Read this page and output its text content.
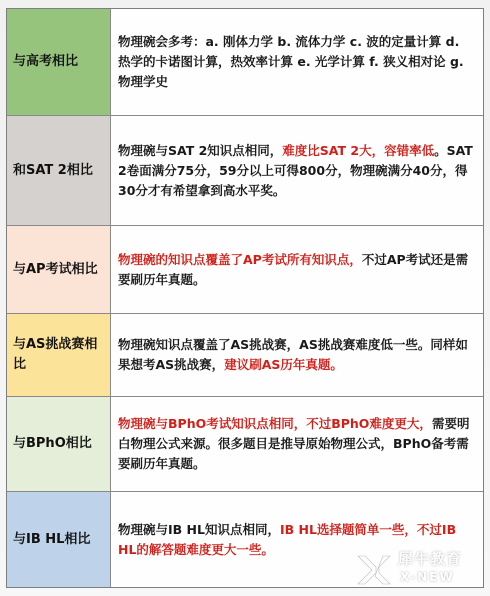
与高考相比
物理碗会多考：a. 刚体力学 b. 流体力学 c. 波的定量计算 d. 热学的卡诺图计算，热效率计算 e. 光学计算 f. 狭义相对论 g. 物理学史
和SAT 2相比
物理碗与SAT 2知识点相同，难度比SAT 2大，容错率低。SAT 2卷面满分75分，59分以上可得800分，物理碗满分40分，得30分才有希望拿到高水平奖。
与AP考试相比
物理碗的知识点覆盖了AP考试所有知识点，不过AP考试还是需要刷历年真题。
与AS挑战赛相比
物理碗知识点覆盖了AS挑战赛，AS挑战赛难度低一些。同样如果想考AS挑战赛，建议刷AS历年真题。
与BPhO相比
物理碗与BPhO考试知识点相同，不过BPhO难度更大，需要明白物理公式来源。很多题目是推导原始物理公式，BPhO备考需要刷历年真题。
与IB HL相比
物理碗与IB HL知识点相同，IB HL选择题简单一些，不过IB HL的解答题难度更大一些。
犀牛教育
X-NEW
